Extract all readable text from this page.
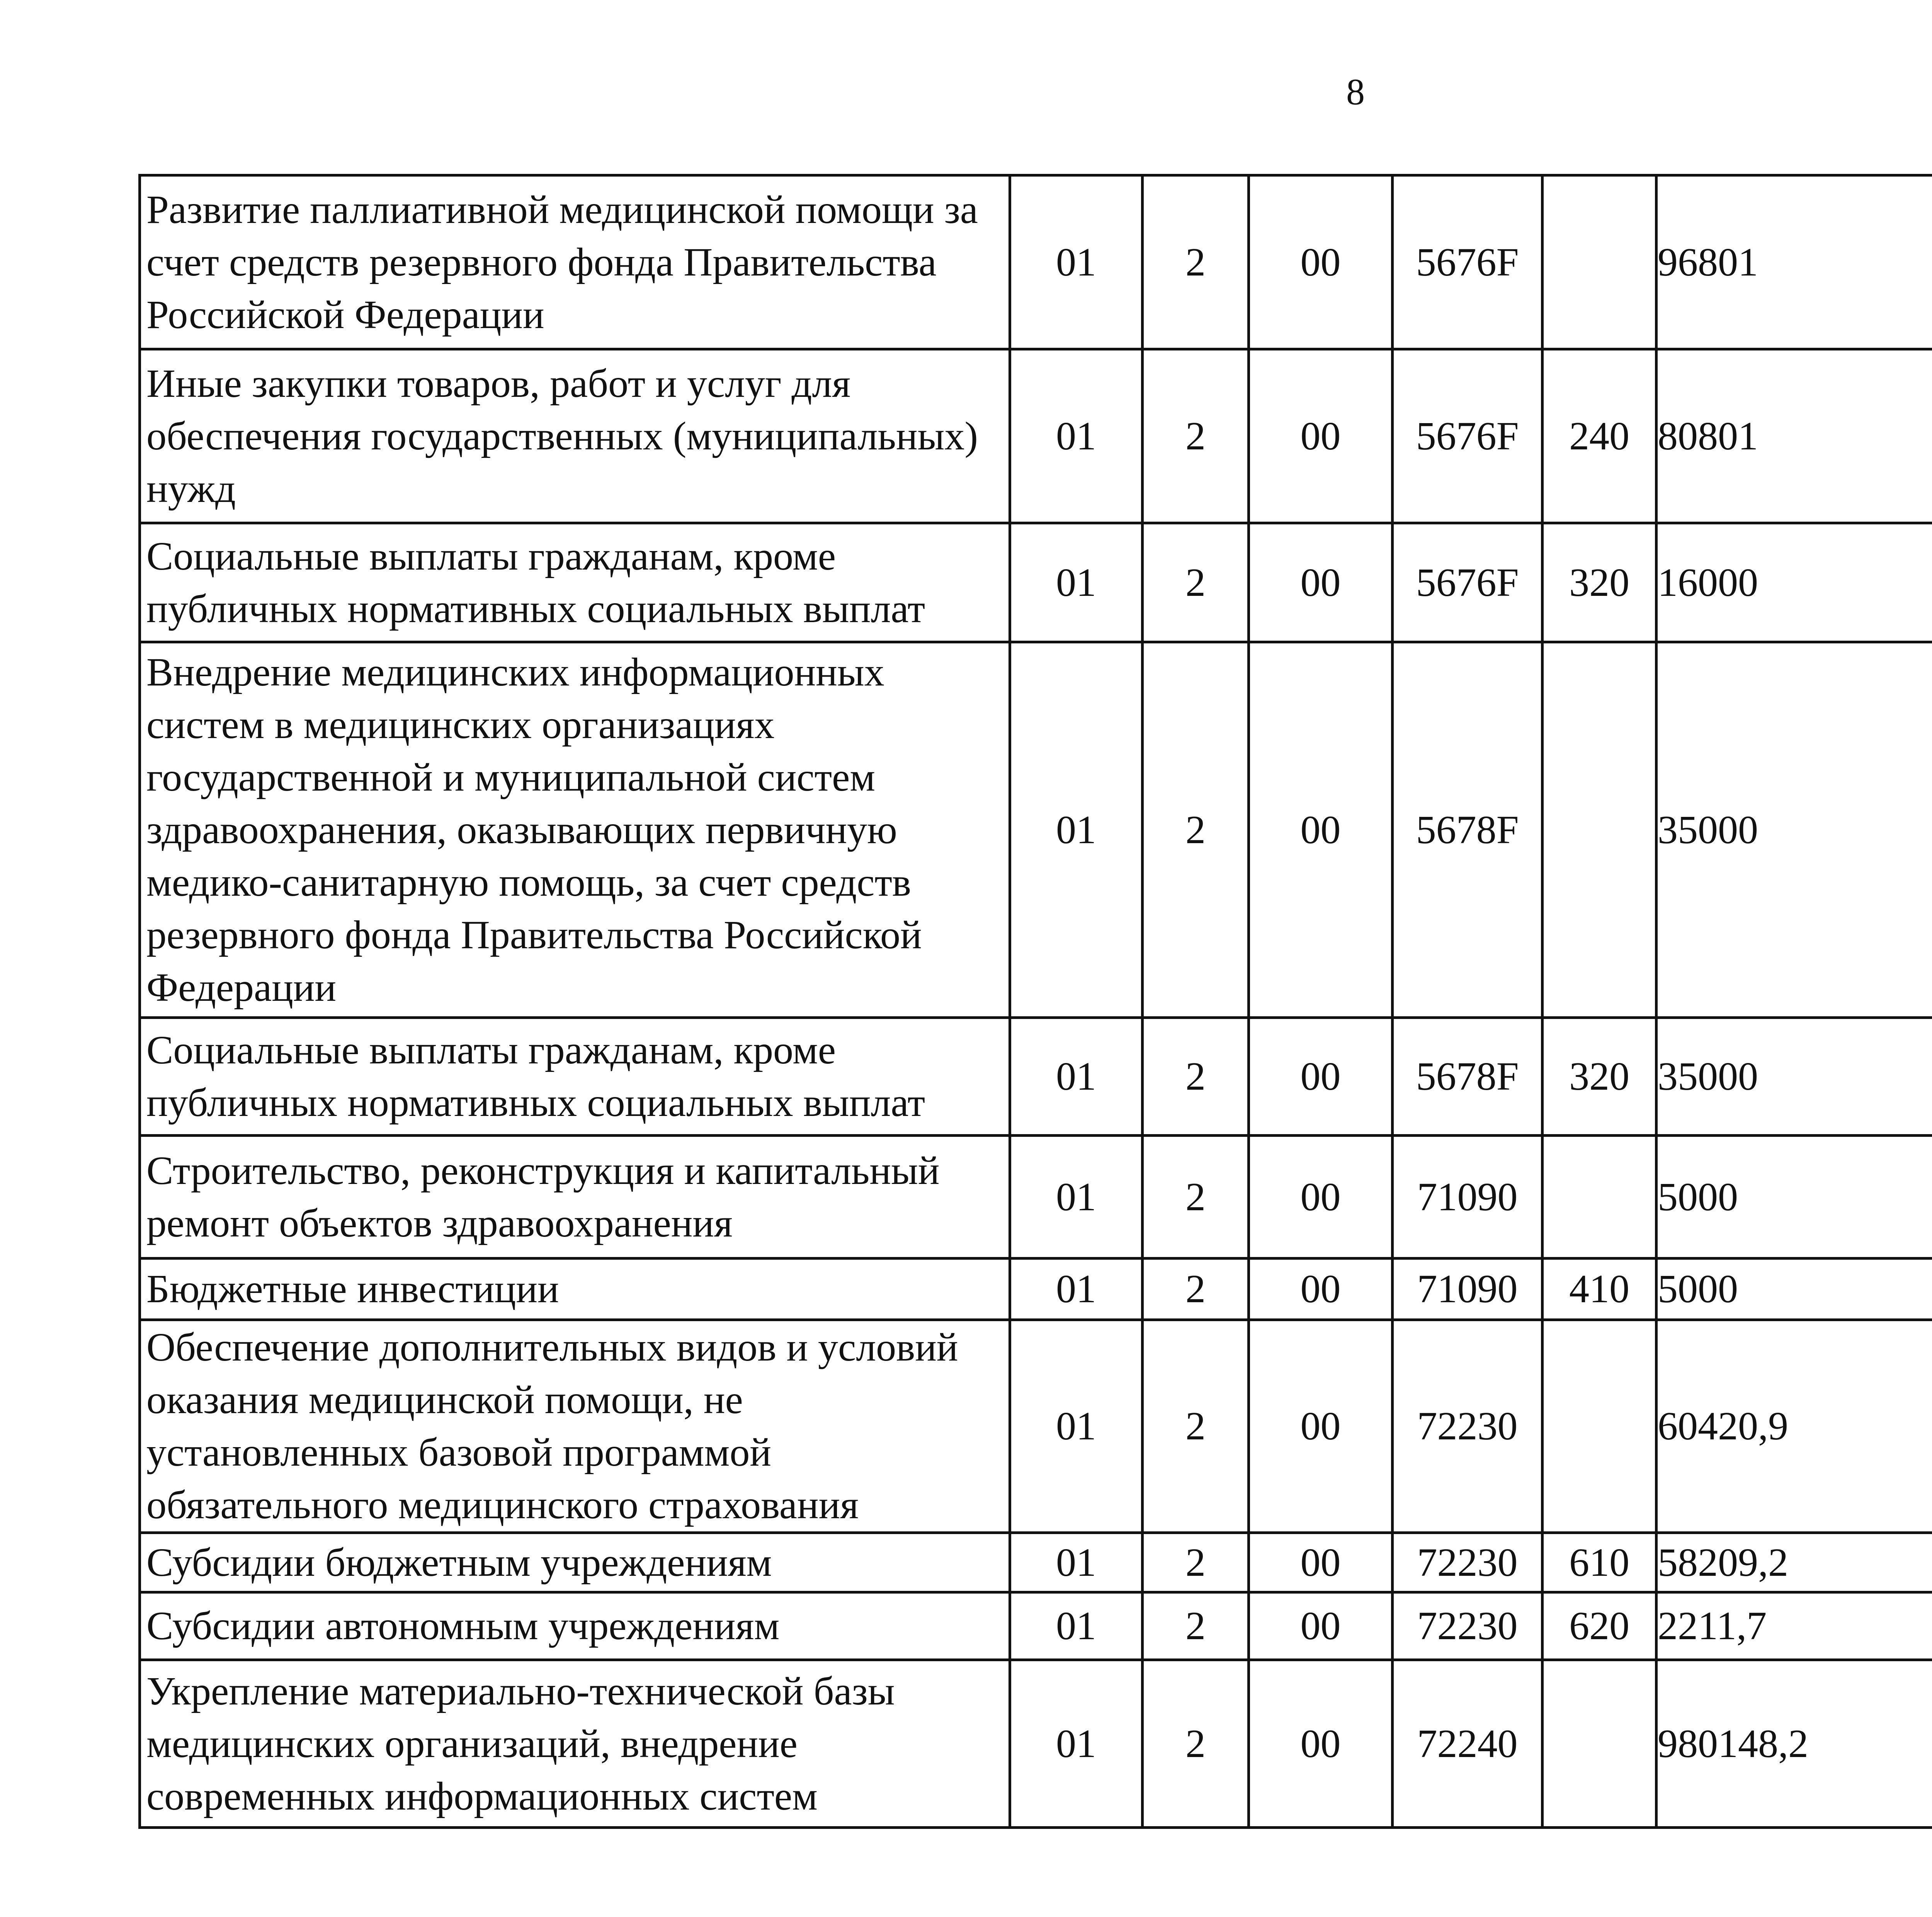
8
Развитие паллиативной медицинской помощи за счет средств резервного фонда Правительства Российской Федерации	01	2	00	5676F		96801		
Иные закупки товаров, работ и услуг для обеспечения государственных (муниципальных) нужд	01	2	00	5676F	240	80801		
Социальные выплаты гражданам, кроме публичных нормативных социальных выплат	01	2	00	5676F	320	16000		
Внедрение медицинских информационных систем в медицинских организациях государственной и муниципальной систем здравоохранения, оказывающих первичную медико-санитарную помощь, за счет средств резервного фонда Правительства Российской Федерации	01	2	00	5678F		35000		
Социальные выплаты гражданам, кроме публичных нормативных социальных выплат	01	2	00	5678F	320	35000		
Строительство, реконструкция и капитальный ремонт объектов здравоохранения	01	2	00	71090		5000		
Бюджетные инвестиции	01	2	00	71090	410	5000		
Обеспечение дополнительных видов и условий оказания медицинской помощи, не установленных базовой программой обязательного медицинского страхования	01	2	00	72230		60420,9		
Субсидии бюджетным учреждениям	01	2	00	72230	610	58209,2		
Субсидии автономным учреждениям	01	2	00	72230	620	2211,7		
Укрепление материально-технической базы медицинских организаций, внедрение современных информационных систем	01	2	00	72240		980148,2		
